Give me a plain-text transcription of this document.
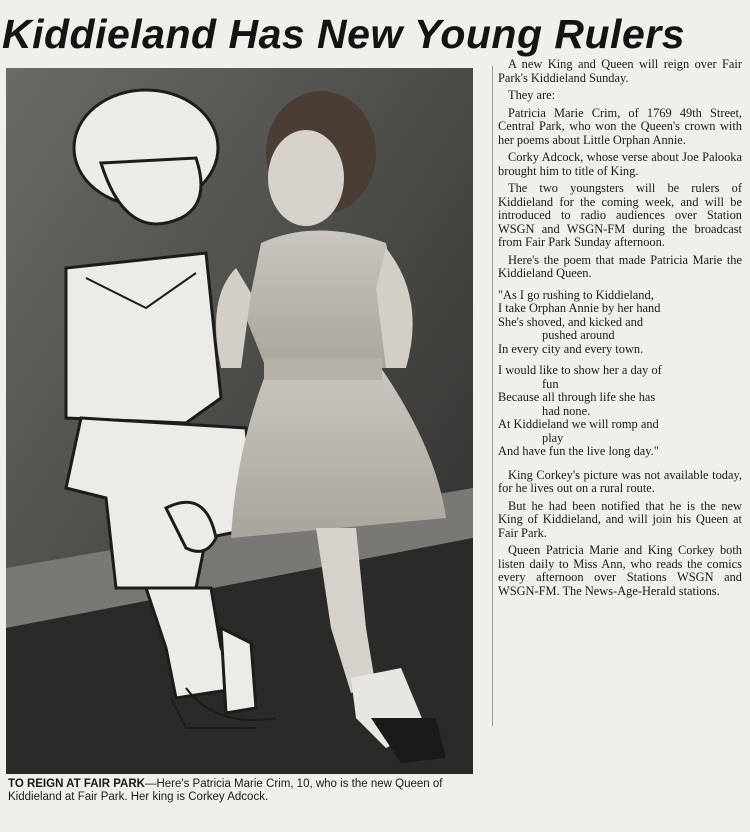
Kiddieland Has New Young Rulers
TO REIGN AT FAIR PARK—Here's Patricia Marie Crim, 10, who is the new Queen of Kiddieland at Fair Park. Her king is Corkey Adcock.

A new King and Queen will reign over Fair Park's Kiddieland Sunday.

They are:

Patricia Marie Crim, of 1769 49th Street, Central Park, who won the Queen's crown with her poems about Little Orphan Annie.

Corky Adcock, whose verse about Joe Palooka brought him to title of King.

The two youngsters will be rulers of Kiddieland for the coming week, and will be introduced to radio audiences over Station WSGN and WSGN-FM during the broadcast from Fair Park Sunday afternoon.

Here's the poem that made Patricia Marie the Kiddieland Queen.

"As I go rushing to Kiddieland,
I take Orphan Annie by her hand
She's shoved, and kicked and
pushed around
In every city and every town.
I would like to show her a day of
fun
Because all through life she has
had none.
At Kiddieland we will romp and
play
And have fun the live long day."

King Corkey's picture was not available today, for he lives out on a rural route.

But he had been notified that he is the new King of Kiddieland, and will join his Queen at Fair Park.

Queen Patricia Marie and King Corkey both listen daily to Miss Ann, who reads the comics every afternoon over Stations WSGN and WSGN-FM. The News-Age-Herald stations.
